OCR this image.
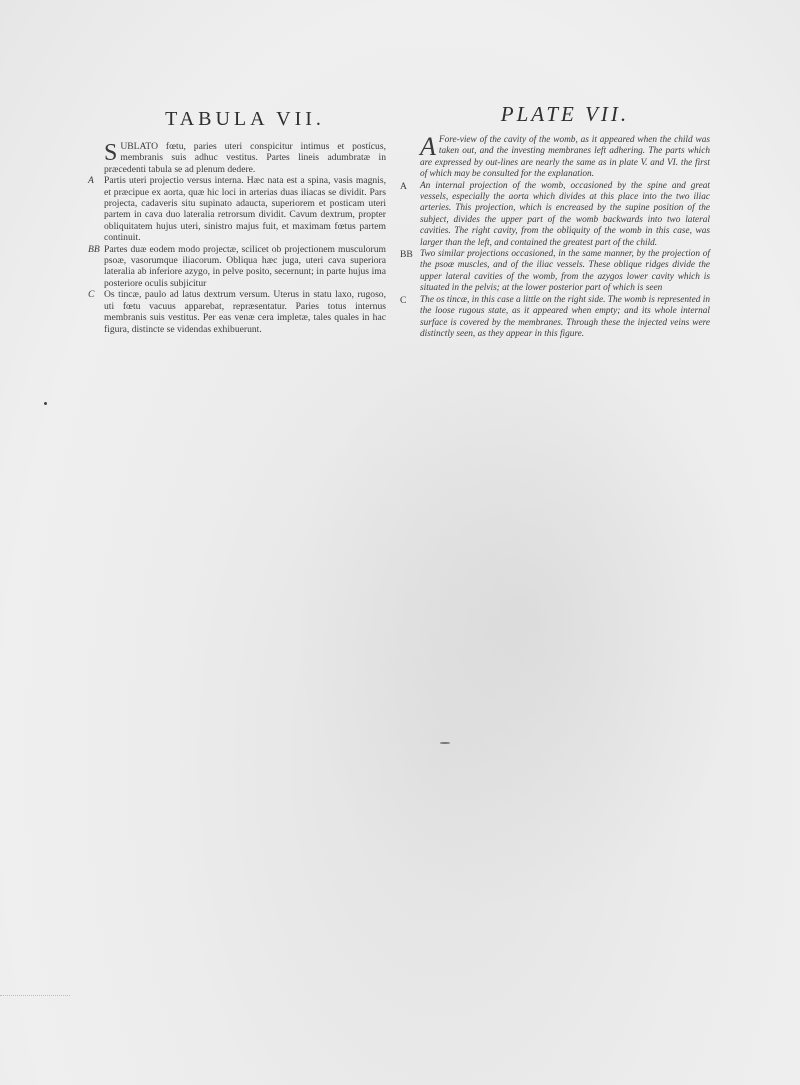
TABULA VII.

SUBLATO fœtu, paries uteri conspicitur intimus et postícus, membranis suis adhuc vestitus. Partes lineis adumbratæ in præcedenti tabula se ad plenum dedere.

A Partis uteri projectio versus interna. Hæc nata est a spina, vasis magnis, et præcipue ex aorta, quæ hic loci in arterias duas iliacas se dividit. Pars projecta, cadaveris situ supinato adaucta, superiorem et posticam uteri partem in cava duo lateralia retrorsum dividit. Cavum dextrum, propter obliquitatem hujus uteri, sinistro majus fuit, et maximam fœtus partem continuit.

BB Partes duæ eodem modo projectæ, scilicet ob projectionem musculorum psoæ, vasorumque iliacorum. Obliqua hæc juga, uteri cava superiora lateralia ab inferiore azygo, in pelve posito, secernunt; in parte hujus ima posteriore oculis subjicitur

C Os tincæ, paulo ad latus dextrum versum. Uterus in statu laxo, rugoso, uti fœtu vacuus apparebat, repræsentatur. Paries totus internus membranis suis vestitus. Per eas venæ cera impletæ, tales quales in hac figura, distincte se videndas exhibuerunt.

PLATE VII.

A Fore-view of the cavity of the womb, as it appeared when the child was taken out, and the investing membranes left adhering. The parts which are expressed by out-lines are nearly the same as in plate V. and VI. the first of which may be consulted for the explanation.

A An internal projection of the womb, occasioned by the spine and great vessels, especially the aorta which divides at this place into the two iliac arteries. This projection, which is encreased by the supine position of the subject, divides the upper part of the womb backwards into two lateral cavities. The right cavity, from the obliquity of the womb in this case, was larger than the left, and contained the greatest part of the child.

BB Two similar projections occasioned, in the same manner, by the projection of the psoæ muscles, and of the iliac vessels. These oblique ridges divide the upper lateral cavities of the womb, from the azygos lower cavity which is situated in the pelvis; at the lower posterior part of which is seen

C The os tincæ, in this case a little on the right side. The womb is represented in the loose rugous state, as it appeared when empty; and its whole internal surface is covered by the membranes. Through these the injected veins were distinctly seen, as they appear in this figure.
